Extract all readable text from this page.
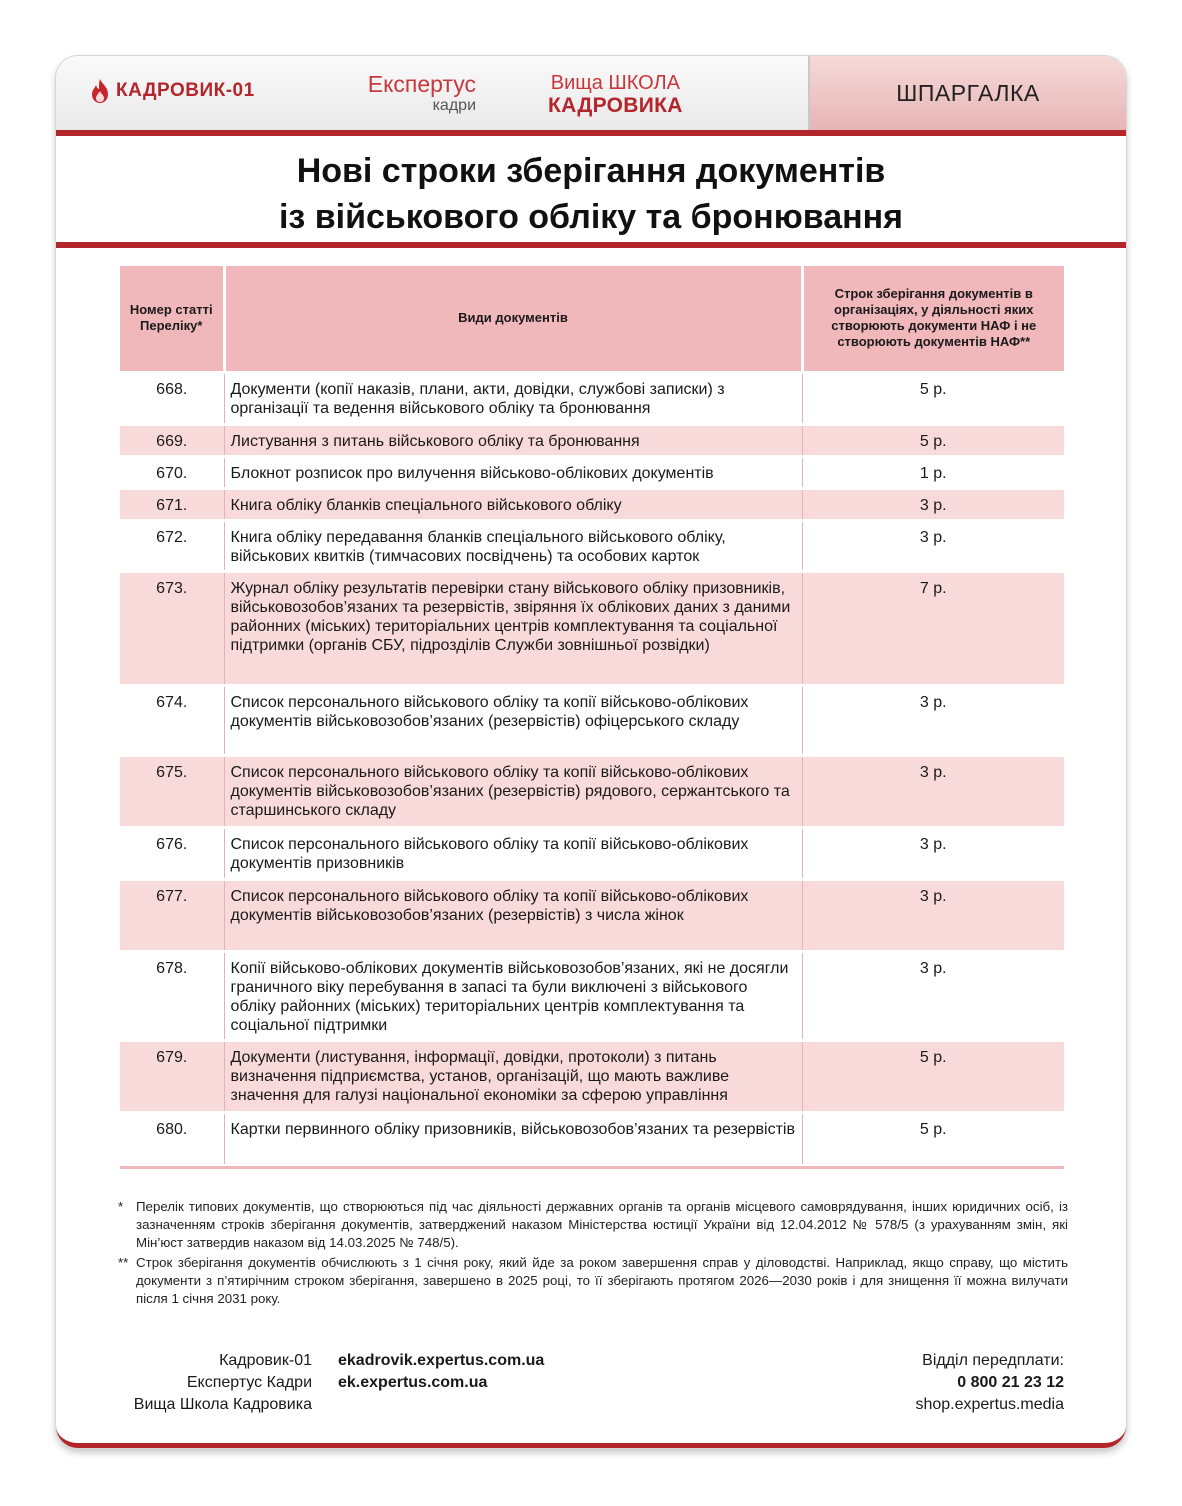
КАДРОВИК-01	Експертус
кадри
Вища ШКОЛА
КАДРОВИКА	ШПАРГАЛКА
Нові строки зберігання документів
із військового обліку та бронювання
Номер статті Переліку*	Види документів	Строк зберігання документів в організаціях, у діяльності яких створюють документи НАФ і не створюють документів НАФ**
668.	Документи (копії наказів, плани, акти, довідки, службові записки) з організації та ведення військового обліку та бронювання	5 р.
669.	Листування з питань військового обліку та бронювання	5 р.
670.	Блокнот розписок про вилучення військово-облікових документів	1 р.
671.	Книга обліку бланків спеціального військового обліку	3 р.
672.	Книга обліку передавання бланків спеціального військового обліку, військових квитків (тимчасових посвідчень) та особових карток	3 р.
673.	Журнал обліку результатів перевірки стану військового обліку призовників, військовозобов’язаних та резервістів, звіряння їх облікових даних з даними районних (міських) територіальних центрів комплектування та соціальної підтримки (органів СБУ, підрозділів Служби зовнішньої розвідки)	7 р.
674.	Список персонального військового обліку та копії військово-облікових документів військовозобов’язаних (резервістів) офіцерського складу	3 р.
675.	Список персонального військового обліку та копії військово-облікових документів військовозобов’язаних (резервістів) рядового, сержантського та старшинського складу	3 р.
676.	Список персонального військового обліку та копії військово-облікових документів призовників	3 р.
677.	Список персонального військового обліку та копії військово-облікових документів військовозобов’язаних (резервістів) з числа жінок	3 р.
678.	Копії військово-облікових документів військовозобов’язаних, які не досягли граничного віку перебування в запасі та були виключені з військового обліку районних (міських) територіальних центрів комплектування та соціальної підтримки	3 р.
679.	Документи (листування, інформації, довідки, протоколи) з питань визначення підприємства, установ, організацій, що мають важливе значення для галузі національної економіки за сферою управління	5 р.
680.	Картки первинного обліку призовників, військовозобов’язаних та резервістів	5 р.
* Перелік типових документів, що створюються під час діяльності державних органів та органів місцевого самоврядування, інших юридичних осіб, із зазначенням строків зберігання документів, затверджений наказом Міністерства юстиції України від 12.04.2012 № 578/5 (з урахуванням змін, які Мін’юст затвердив наказом від 14.03.2025 № 748/5).
** Строк зберігання документів обчислюють з 1 січня року, який йде за роком завершення справ у діловодстві. Наприклад, якщо справу, що містить документи з п’ятирічним строком зберігання, завершено в 2025 році, то її зберігають протягом 2026—2030 років і для знищення її можна вилучати після 1 січня 2031 року.
Кадровик-01
Експертус Кадри
Вища Школа Кадровика
ekadrovik.expertus.com.ua
ek.expertus.com.ua
Відділ передплати:
0 800 21 23 12
shop.expertus.media
